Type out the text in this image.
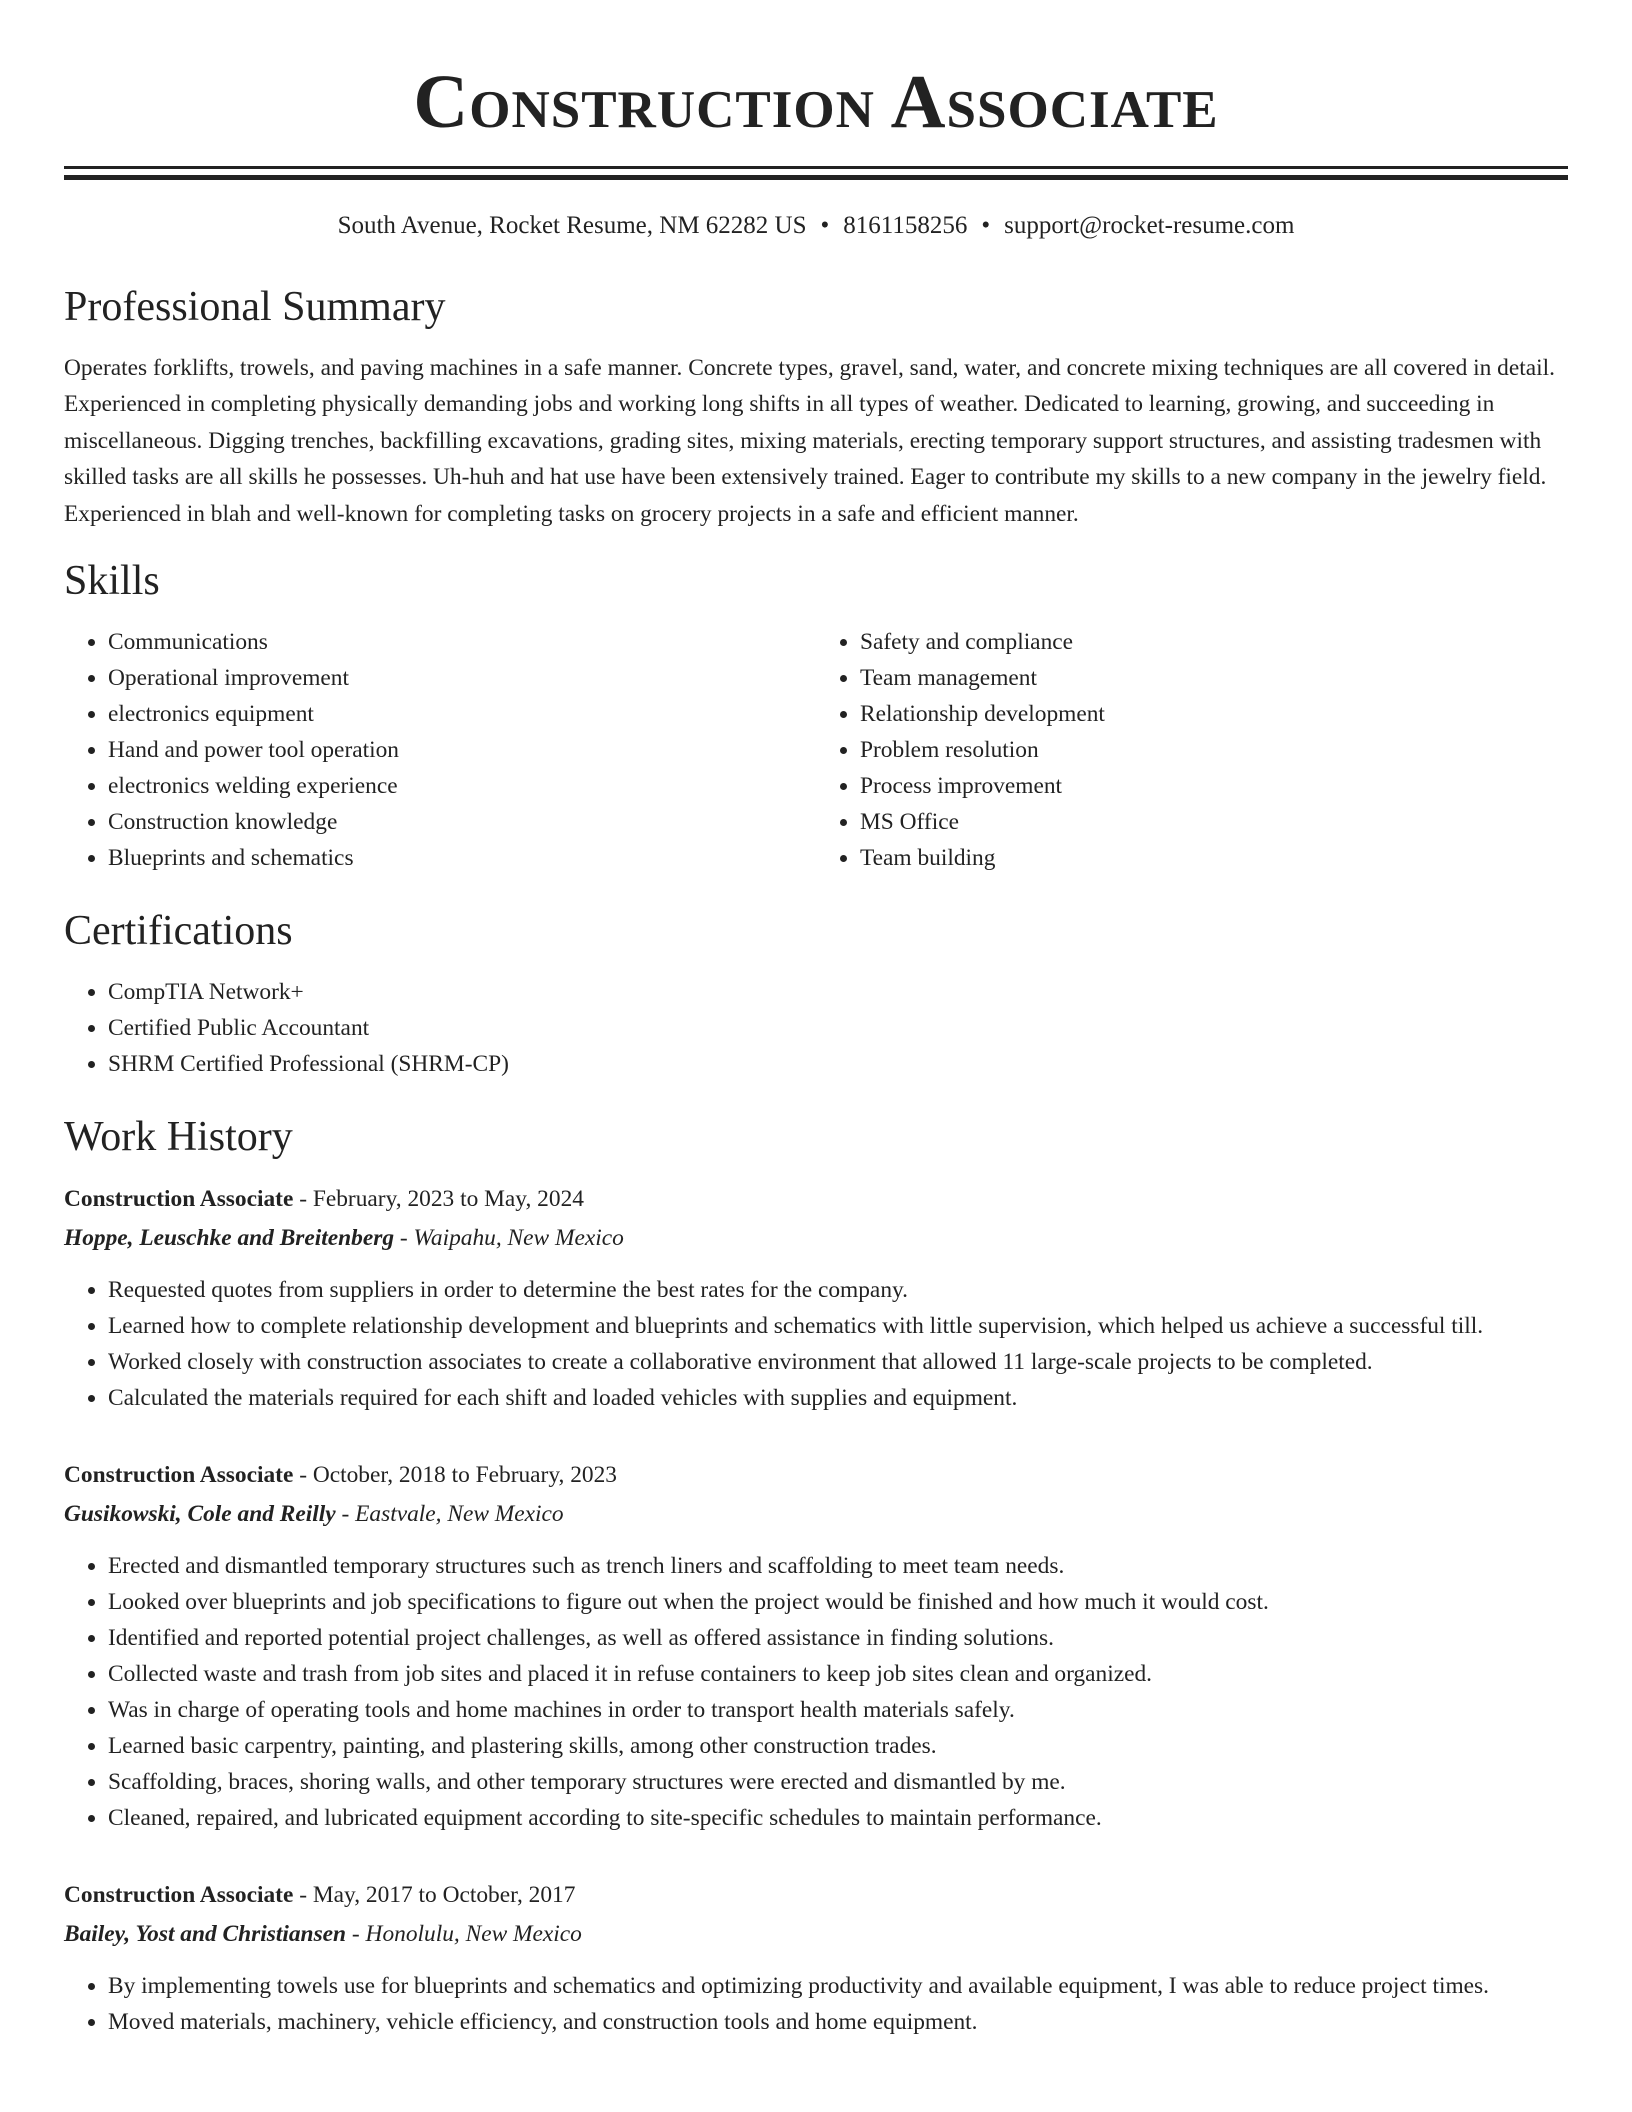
Construction Associate
South Avenue, Rocket Resume, NM 62282 US • 8161158256 • support@rocket-resume.com
Professional Summary

Operates forklifts, trowels, and paving machines in a safe manner. Concrete types, gravel, sand, water, and concrete mixing techniques are all covered in detail. Experienced in completing physically demanding jobs and working long shifts in all types of weather. Dedicated to learning, growing, and succeeding in miscellaneous. Digging trenches, backfilling excavations, grading sites, mixing materials, erecting temporary support structures, and assisting tradesmen with skilled tasks are all skills he possesses. Uh-huh and hat use have been extensively trained. Eager to contribute my skills to a new company in the jewelry field. Experienced in blah and well-known for completing tasks on grocery projects in a safe and efficient manner.

Skills
• Communications
• Operational improvement
• electronics equipment
• Hand and power tool operation
• electronics welding experience
• Construction knowledge
• Blueprints and schematics
• Safety and compliance
• Team management
• Relationship development
• Problem resolution
• Process improvement
• MS Office
• Team building
Certifications
• CompTIA Network+
• Certified Public Accountant
• SHRM Certified Professional (SHRM-CP)
Work History
Construction Associate - February, 2023 to May, 2024
Hoppe, Leuschke and Breitenberg - Waipahu, New Mexico
• Requested quotes from suppliers in order to determine the best rates for the company.
• Learned how to complete relationship development and blueprints and schematics with little supervision, which helped us achieve a successful till.
• Worked closely with construction associates to create a collaborative environment that allowed 11 large-scale projects to be completed.
• Calculated the materials required for each shift and loaded vehicles with supplies and equipment.
Construction Associate - October, 2018 to February, 2023
Gusikowski, Cole and Reilly - Eastvale, New Mexico
• Erected and dismantled temporary structures such as trench liners and scaffolding to meet team needs.
• Looked over blueprints and job specifications to figure out when the project would be finished and how much it would cost.
• Identified and reported potential project challenges, as well as offered assistance in finding solutions.
• Collected waste and trash from job sites and placed it in refuse containers to keep job sites clean and organized.
• Was in charge of operating tools and home machines in order to transport health materials safely.
• Learned basic carpentry, painting, and plastering skills, among other construction trades.
• Scaffolding, braces, shoring walls, and other temporary structures were erected and dismantled by me.
• Cleaned, repaired, and lubricated equipment according to site-specific schedules to maintain performance.
Construction Associate - May, 2017 to October, 2017
Bailey, Yost and Christiansen - Honolulu, New Mexico
• By implementing towels use for blueprints and schematics and optimizing productivity and available equipment, I was able to reduce project times.
• Moved materials, machinery, vehicle efficiency, and construction tools and home equipment.
